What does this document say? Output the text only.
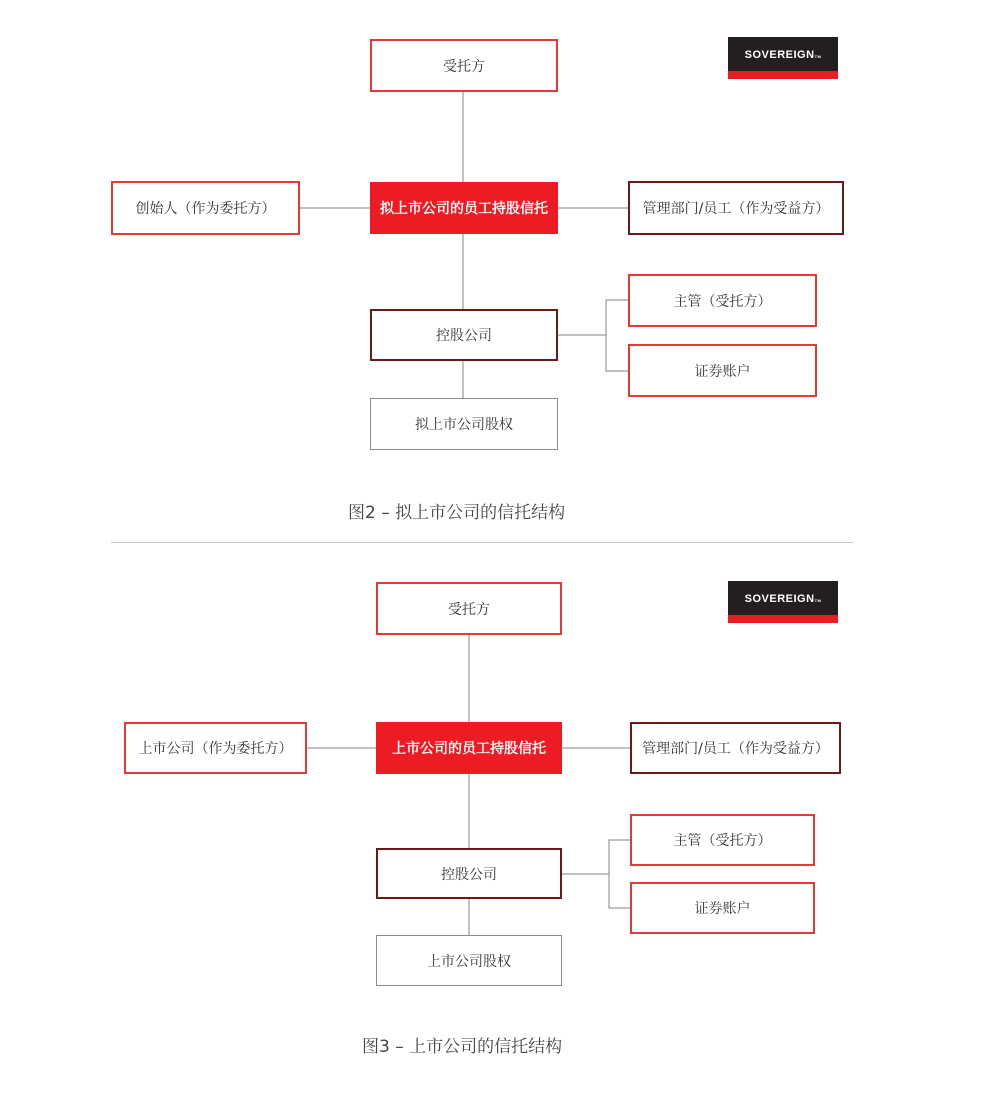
受托方
SOVEREIGNTM
创始人（作为委托方）	拟上市公司的员工持股信托	管理部门/员工（作为受益方）
主管（受托方）
控股公司
证券账户
拟上市公司股权
图2 – 拟上市公司的信托结构
受托方
SOVEREIGNTM
上市公司（作为委托方）	上市公司的员工持股信托	管理部门/员工（作为受益方）
主管（受托方）
控股公司
证券账户
上市公司股权
图3 – 上市公司的信托结构
